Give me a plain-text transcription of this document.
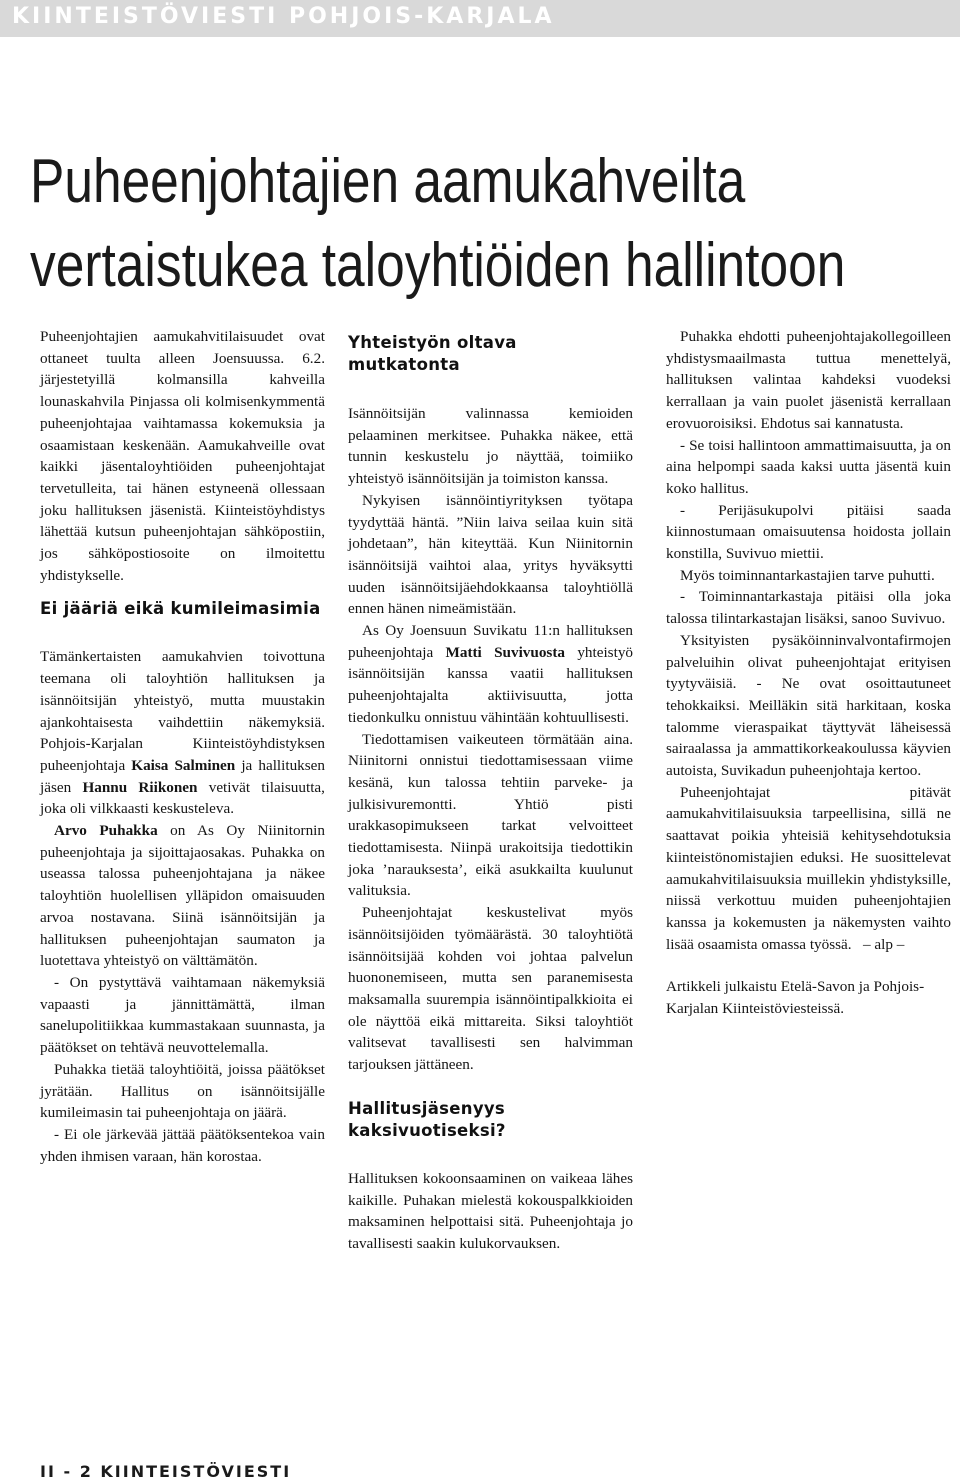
KIINTEISTÖVIESTI POHJOIS-KARJALA
Puheenjohtajien aamukahveilta
vertaistukea taloyhtiöiden hallintoon

Puheenjohtajien aamukahvitilaisuudet ovat ottaneet tuulta alleen Joensuussa. 6.2. järjestetyillä kolmansilla kahveilla lounaskahvila Pinjassa oli kolmisenkymmentä puheenjohtajaa vaihtamassa kokemuksia ja osaamistaan keskenään. Aamukahveille ovat kaikki jäsentaloyhtiöiden puheenjohtajat tervetulleita, tai hänen estyneenä ollessaan joku hallituksen jäsenistä. Kiinteistöyhdistys lähettää kutsun puheenjohtajan sähköpostiin, jos sähköpostiosoite on ilmoitettu yhdistykselle.

Ei jääriä eikä kumileimasimia

Tämänkertaisten aamukahvien toivottuna teemana oli taloyhtiön hallituksen ja isännöitsijän yhteistyö, mutta muustakin ajankohtaisesta vaihdettiin näkemyksiä. Pohjois-Karjalan Kiinteistöyhdistyksen puheenjohtaja Kaisa Salminen ja hallituksen jäsen Hannu Riikonen vetivät tilaisuutta, joka oli vilkkaasti keskusteleva.

Arvo Puhakka on As Oy Niinitornin puheenjohtaja ja sijoittajaosakas. Puhakka on useassa talossa puheenjohtajana ja näkee taloyhtiön huolellisen ylläpidon omaisuuden arvoa nostavana. Siinä isännöitsijän ja hallituksen puheenjohtajan saumaton ja luotettava yhteistyö on välttämätön.

- On pystyttävä vaihtamaan näkemyksiä vapaasti ja jännittämättä, ilman sanelupolitiikkaa kummastakaan suunnasta, ja päätökset on tehtävä neuvottelemalla.

Puhakka tietää taloyhtiöitä, joissa päätökset jyrätään. Hallitus on isännöitsijälle kumileimasin tai puheenjohtaja on jäärä.

- Ei ole järkevää jättää päätöksentekoa vain yhden ihmisen varaan, hän korostaa.

Yhteistyön oltava mutkatonta

Isännöitsijän valinnassa kemioiden pelaaminen merkitsee. Puhakka näkee, että tunnin keskustelu jo näyttää, toimiiko yhteistyö isännöitsijän ja toimiston kanssa.

Nykyisen isännöintiyrityksen työtapa tyydyttää häntä. ”Niin laiva seilaa kuin sitä johdetaan”, hän kiteyttää. Kun Niinitornin isännöitsijä vaihtoi alaa, yritys hyväksytti uuden isännöitsijäehdokkaansa taloyhtiöllä ennen hänen nimeämistään.

As Oy Joensuun Suvikatu 11:n hallituksen puheenjohtaja Matti Suvivuosta yhteistyö isännöitsijän kanssa vaatii hallituksen puheenjohtajalta aktiivisuutta, jotta tiedonkulku onnistuu vähintään kohtuullisesti.

Tiedottamisen vaikeuteen törmätään aina. Niinitorni onnistui tiedottamisessaan viime kesänä, kun talossa tehtiin parveke- ja julkisivuremontti. Yhtiö pisti urakkasopimukseen tarkat velvoitteet tiedottamisesta. Niinpä urakoitsija tiedottikin joka ’narauksesta’, eikä asukkailta kuulunut valituksia.

Puheenjohtajat keskustelivat myös isännöitsijöiden työmäärästä. 30 taloyhtiötä isännöitsijää kohden voi johtaa palvelun huononemiseen, mutta sen paranemisesta maksamalla suurempia isännöintipalkkioita ei ole näyttöä eikä mittareita. Siksi taloyhtiöt valitsevat tavallisesti sen halvimman tarjouksen jättäneen.

Hallitusjäsenyys kaksivuotiseksi?

Hallituksen kokoonsaaminen on vaikeaa lähes kaikille. Puhakan mielestä kokouspalkkioiden maksaminen helpottaisi sitä. Puheenjohtaja jo tavallisesti saakin kulukorvauksen.

Puhakka ehdotti puheenjohtajakollegoilleen yhdistysmaailmasta tuttua menettelyä, hallituksen valintaa kahdeksi vuodeksi kerrallaan ja vain puolet jäsenistä kerrallaan erovuoroisiksi. Ehdotus sai kannatusta.

- Se toisi hallintoon ammattimaisuutta, ja on aina helpompi saada kaksi uutta jäsentä kuin koko hallitus.

- Perijäsukupolvi pitäisi saada kiinnostumaan omaisuutensa hoidosta jollain konstilla, Suvivuo miettii.

Myös toiminnantarkastajien tarve puhutti.

- Toiminnantarkastaja pitäisi olla joka talossa tilintarkastajan lisäksi, sanoo Suvivuo.

Yksityisten pysäköinninvalvontafirmojen palveluihin olivat puheenjohtajat erityisen tyytyväisiä. - Ne ovat osoittautuneet tehokkaiksi. Meilläkin sitä harkitaan, koska talomme vieraspaikat täyttyvät läheisessä sairaalassa ja ammattikorkeakoulussa käyvien autoista, Suvikadun puheenjohtaja kertoo.

Puheenjohtajat pitävät aamukahvitilaisuuksia tarpeellisina, sillä ne saattavat poikia yhteisiä kehitysehdotuksia kiinteistönomistajien eduksi. He suosittelevat aamukahvitilaisuuksia muillekin yhdistyksille, niissä verkottuu muiden puheenjohtajien kanssa ja kokemusten ja näkemysten vaihto lisää osaamista omassa työssä. – alp –

Artikkeli julkaistu Etelä-Savon ja Pohjois-Karjalan Kiinteistöviesteissä.

II - 2 KIINTEISTÖVIESTI
